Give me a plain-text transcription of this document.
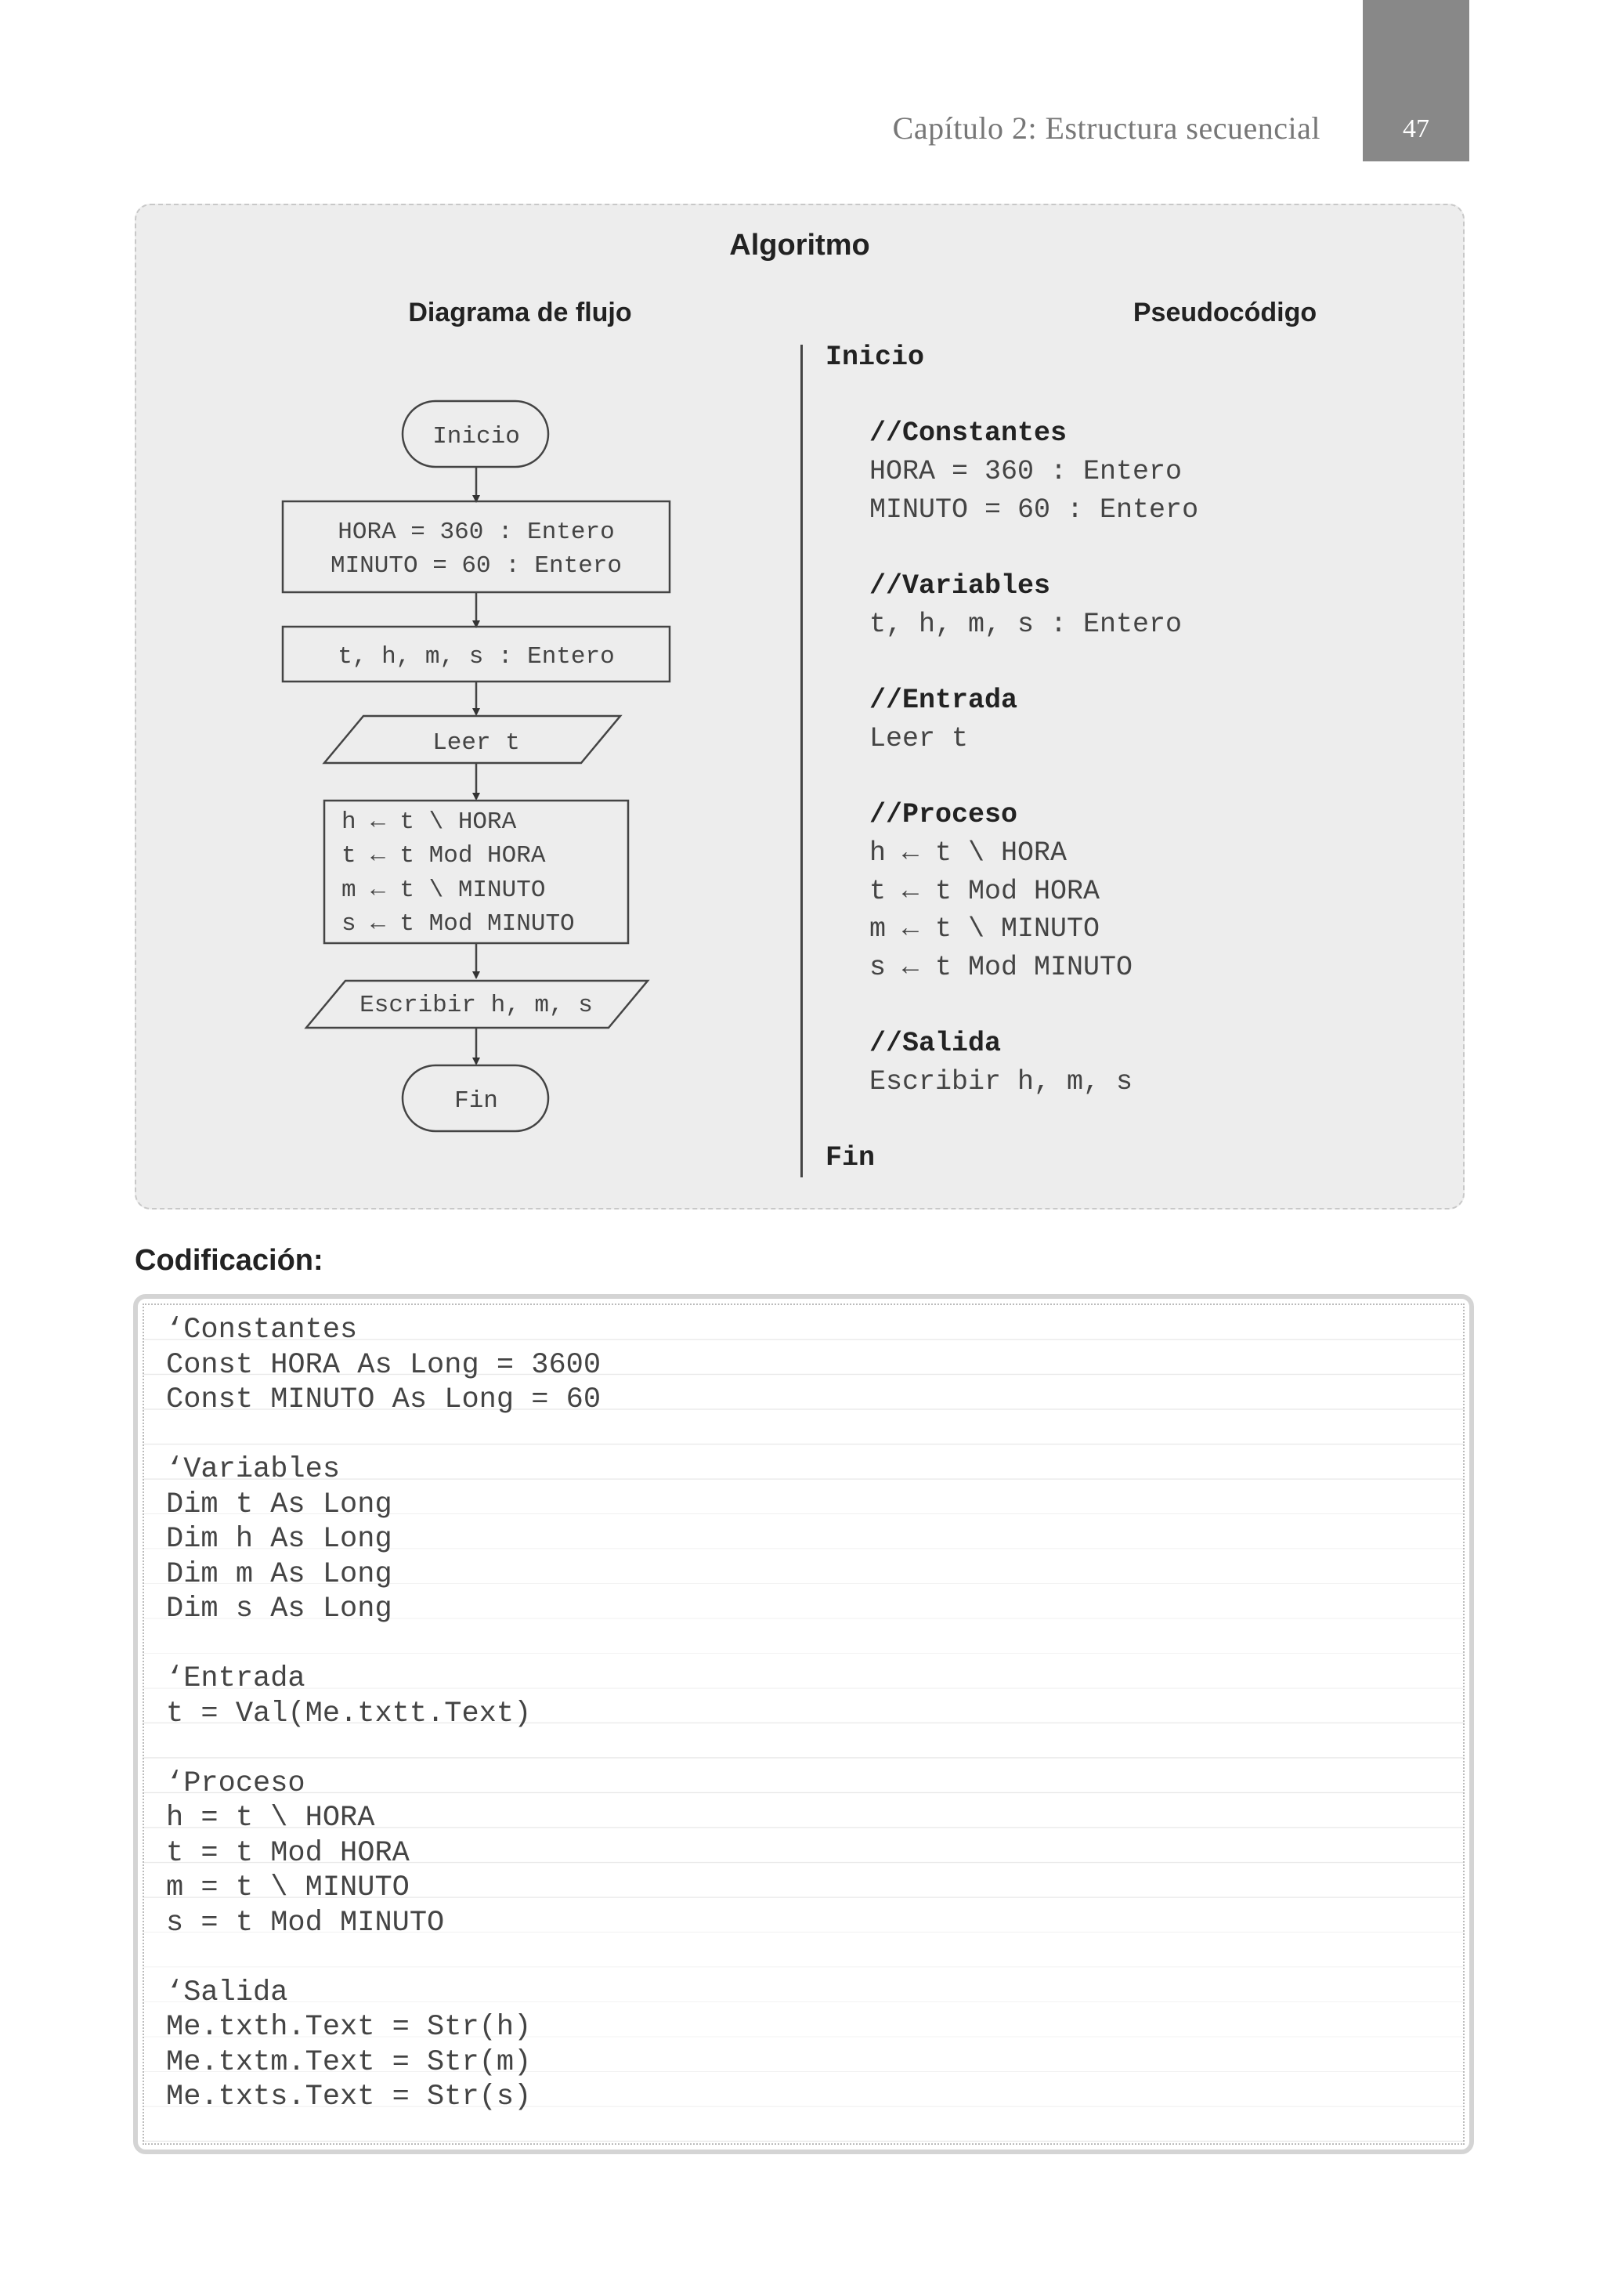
Capítulo 2: Estructura secuencial	47
Algoritmo
Diagrama de flujo	Pseudocódigo
Inicio
HORA = 360 : Entero
MINUTO = 60 : Entero
t, h, m, s : Entero
Leer t
h ← t \ HORA
t ← t Mod HORA
m ← t \ MINUTO
s ← t Mod MINUTO
Escribir h, m, s
Fin
Inicio
//Constantes
HORA = 360 : Entero
MINUTO = 60 : Entero
//Variables
t, h, m, s : Entero
//Entrada
Leer t
//Proceso
h ← t \ HORA
t ← t Mod HORA
m ← t \ MINUTO
s ← t Mod MINUTO
//Salida
Escribir h, m, s
Fin
Codificación:
‘Constantes
Const HORA As Long = 3600
Const MINUTO As Long = 60
‘Variables
Dim t As Long
Dim h As Long
Dim m As Long
Dim s As Long
‘Entrada
t = Val(Me.txtt.Text)
‘Proceso
h = t \ HORA
t = t Mod HORA
m = t \ MINUTO
s = t Mod MINUTO
‘Salida
Me.txth.Text = Str(h)
Me.txtm.Text = Str(m)
Me.txts.Text = Str(s)
